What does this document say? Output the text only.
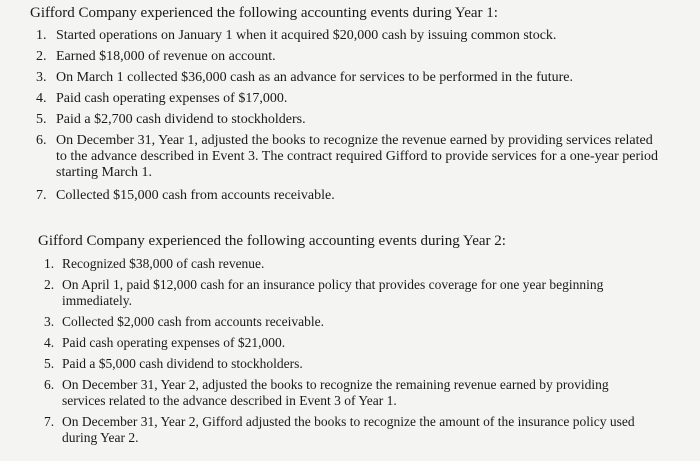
Gifford Company experienced the following accounting events during Year 1:

1. Started operations on January 1 when it acquired $20,000 cash by issuing common stock.
2. Earned $18,000 of revenue on account.
3. On March 1 collected $36,000 cash as an advance for services to be performed in the future.
4. Paid cash operating expenses of $17,000.
5. Paid a $2,700 cash dividend to stockholders.
6. On December 31, Year 1, adjusted the books to recognize the revenue earned by providing services related to the advance described in Event 3. The contract required Gifford to provide services for a one-year period starting March 1.
7. Collected $15,000 cash from accounts receivable.

Gifford Company experienced the following accounting events during Year 2:

1. Recognized $38,000 of cash revenue.
2. On April 1, paid $12,000 cash for an insurance policy that provides coverage for one year beginning immediately.
3. Collected $2,000 cash from accounts receivable.
4. Paid cash operating expenses of $21,000.
5. Paid a $5,000 cash dividend to stockholders.
6. On December 31, Year 2, adjusted the books to recognize the remaining revenue earned by providing services related to the advance described in Event 3 of Year 1.
7. On December 31, Year 2, Gifford adjusted the books to recognize the amount of the insurance policy used during Year 2.
